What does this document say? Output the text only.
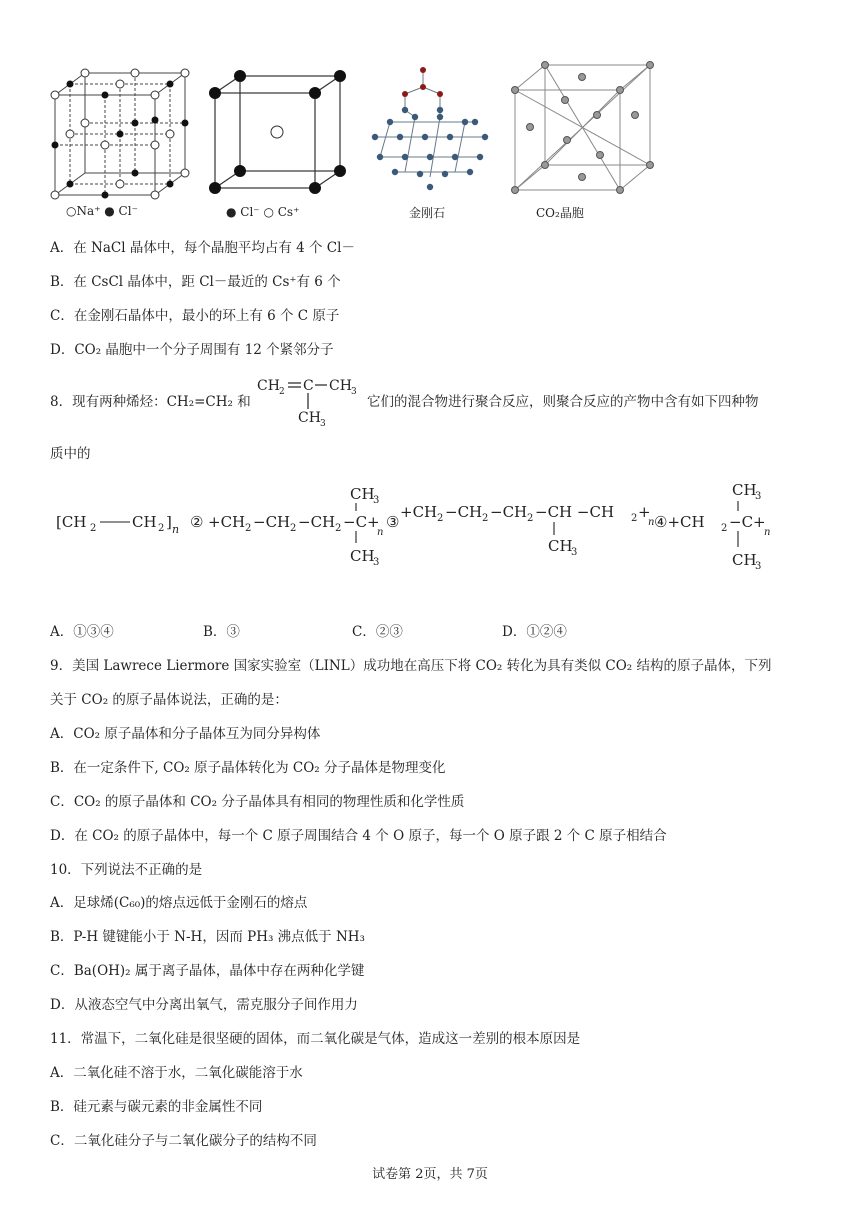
○Na⁺ ● Cl⁻	● Cl⁻ ○ Cs⁺	金刚石	CO₂晶胞
A．在 NaCl 晶体中，每个晶胞平均占有 4 个 Cl－
B．在 CsCl 晶体中，距 Cl－最近的 Cs⁺有 6 个
C．在金刚石晶体中，最小的环上有 6 个 C 原子
D．CO₂ 晶胞中一个分子周围有 12 个紧邻分子
8．现有两种烯烃：CH₂=CH₂ 和
CH 2 C CH 3
CH 3
它们的混合物进行聚合反应，则聚合反应的产物中含有如下四种物
质中的
[CH 2 CH 2 ] n ② +CH 2 −CH 2 −CH 2 −C+
n
CH
3
CH
3
③
+CH 2 −CH 2 −CH 2 −CH −CH 2 +
n
CH
3
④+CH 2 −C+
n
CH
3
CH
3
A．①③④	B．③	C．②③	D．①②④
9．美国 Lawrece Liermore 国家实验室（LINL）成功地在高压下将 CO₂ 转化为具有类似 CO₂ 结构的原子晶体，下列
关于 CO₂ 的原子晶体说法，正确的是：
A．CO₂ 原子晶体和分子晶体互为同分异构体
B．在一定条件下, CO₂ 原子晶体转化为 CO₂ 分子晶体是物理变化
C．CO₂ 的原子晶体和 CO₂ 分子晶体具有相同的物理性质和化学性质
D．在 CO₂ 的原子晶体中，每一个 C 原子周围结合 4 个 O 原子，每一个 O 原子跟 2 个 C 原子相结合
10．下列说法不正确的是
A．足球烯(C₆₀)的熔点远低于金刚石的熔点
B．P-H 键键能小于 N-H，因而 PH₃ 沸点低于 NH₃
C．Ba(OH)₂ 属于离子晶体，晶体中存在两种化学键
D．从液态空气中分离出氧气，需克服分子间作用力
11．常温下，二氧化硅是很坚硬的固体，而二氧化碳是气体，造成这一差别的根本原因是
A．二氧化硅不溶于水，二氧化碳能溶于水
B．硅元素与碳元素的非金属性不同
C．二氧化硅分子与二氧化碳分子的结构不同
试卷第 2页，共 7页
